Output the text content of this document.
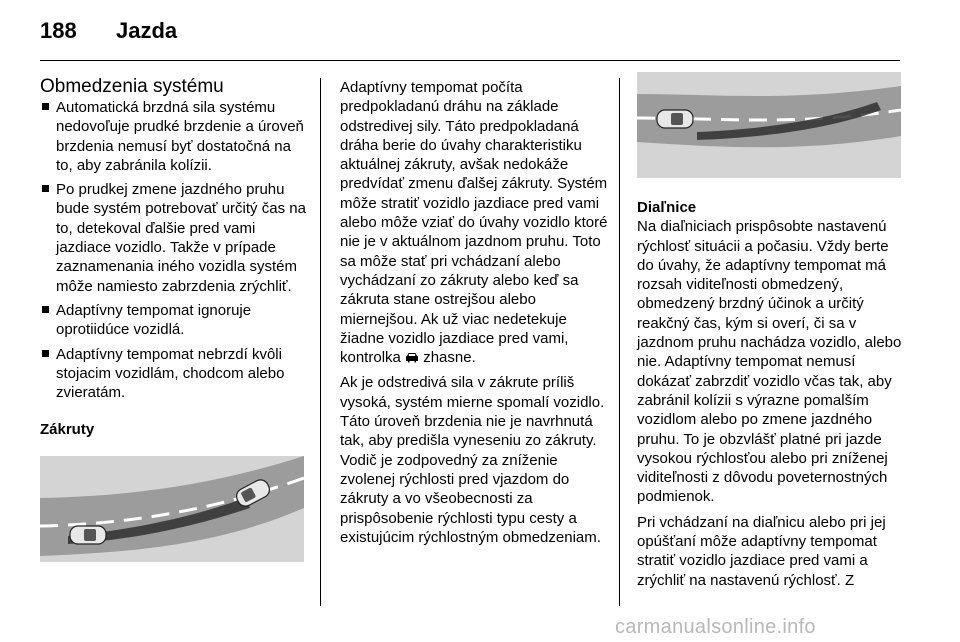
188	Jazda
Obmedzenia systému
Automatická brzdná sila systému nedovoľuje prudké brzdenie a úroveň brzdenia nemusí byť dostatočná na to, aby zabránila kolízii.
Po prudkej zmene jazdného pruhu bude systém potrebovať určitý čas na to, detekoval ďalšie pred vami jazdiace vozidlo. Takže v prípade zaznamenania iného vozidla systém môže namiesto zabrzdenia zrýchliť.
Adaptívny tempomat ignoruje oprotiidúce vozidlá.
Adaptívny tempomat nebrzdí kvôli stojacim vozidlám, chodcom alebo zvieratám.
Zákruty
Adaptívny tempomat počíta predpokladanú dráhu na základe odstredivej sily. Táto predpokladaná dráha berie do úvahy charakteristiku aktuálnej zákruty, avšak nedokáže predvídať zmenu ďalšej zákruty. Systém môže stratiť vozidlo jazdiace pred vami alebo môže vziať do úvahy vozidlo ktoré nie je v aktuálnom jazdnom pruhu. Toto sa môže stať pri vchádzaní alebo vychádzaní zo zákruty alebo keď sa zákruta stane ostrejšou alebo miernejšou. Ak už viac nedetekuje žiadne vozidlo jazdiace pred vami, kontrolka zhasne.
Ak je odstredivá sila v zákrute príliš vysoká, systém mierne spomalí vozidlo. Táto úroveň brzdenia nie je navrhnutá tak, aby predišla vyneseniu zo zákruty. Vodič je zodpovedný za zníženie zvolenej rýchlosti pred vjazdom do zákruty a vo všeobecnosti za prispôsobenie rýchlosti typu cesty a existujúcim rýchlostným obmedzeniam.
Diaľnice
Na diaľniciach prispôsobte nastavenú rýchlosť situácii a počasiu. Vždy berte do úvahy, že adaptívny tempomat má rozsah viditeľnosti obmedzený, obmedzený brzdný účinok a určitý reakčný čas, kým si overí, či sa v jazdnom pruhu nachádza vozidlo, alebo nie. Adaptívny tempomat nemusí dokázať zabrzdiť vozidlo včas tak, aby zabránil kolízii s výrazne pomalším vozidlom alebo po zmene jazdného pruhu. To je obzvlášť platné pri jazde vysokou rýchlosťou alebo pri zníženej viditeľnosti z dôvodu poveternostných podmienok.
Pri vchádzaní na diaľnicu alebo pri jej opúšťaní môže adaptívny tempomat stratiť vozidlo jazdiace pred vami a zrýchliť na nastavenú rýchlosť. Z
carmanualsonline.info
